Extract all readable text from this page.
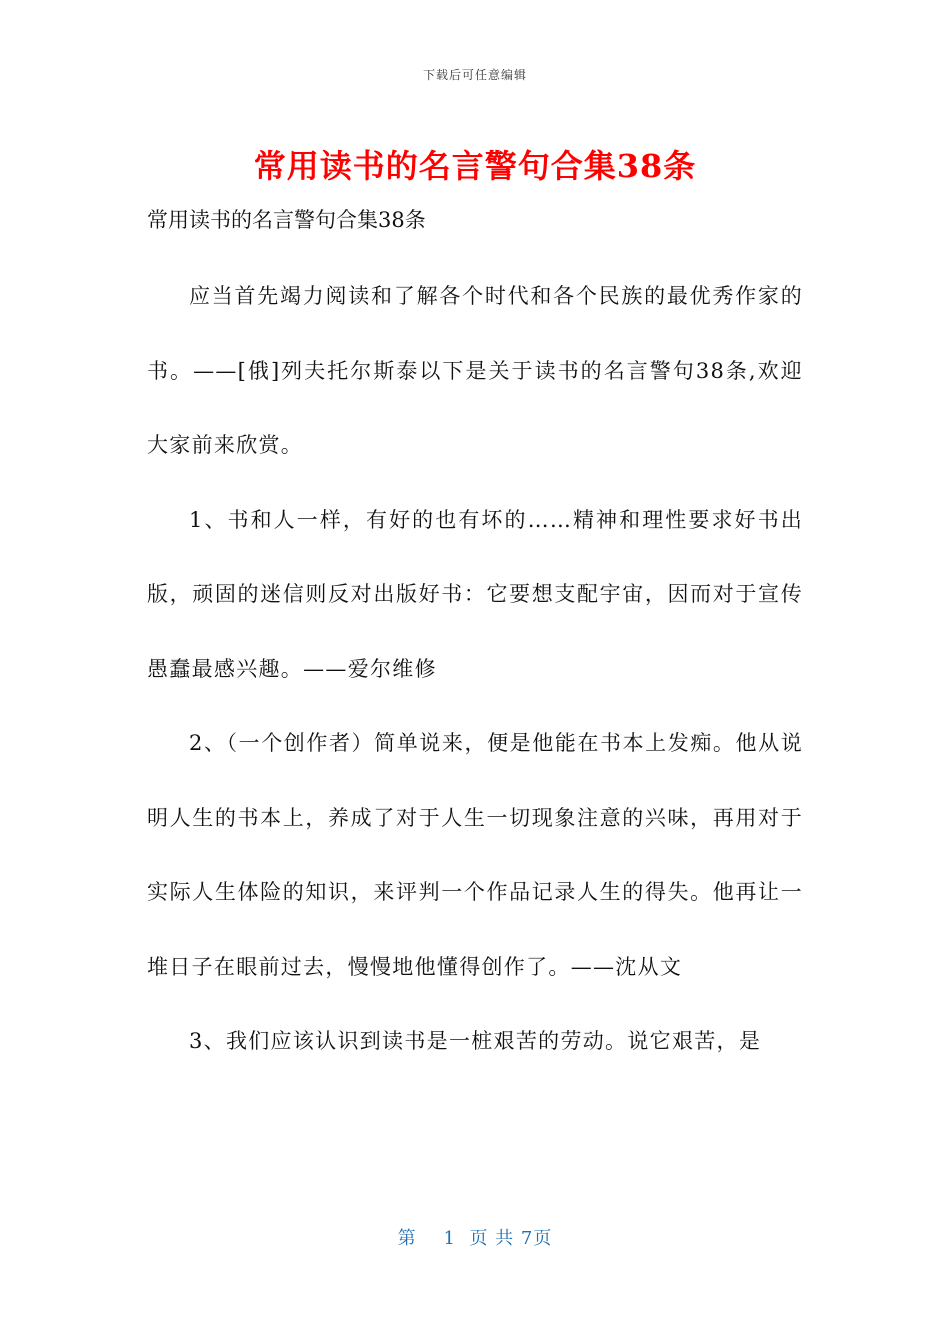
下载后可任意编辑
常用读书的名言警句合集38条
常用读书的名言警句合集38条

应当首先竭力阅读和了解各个时代和各个民族的最优秀作家的书。——[俄]列夫托尔斯泰以下是关于读书的名言警句38条,欢迎大家前来欣赏。

1、书和人一样，有好的也有坏的……精神和理性要求好书出版，顽固的迷信则反对出版好书：它要想支配宇宙，因而对于宣传愚蠢最感兴趣。——爱尔维修

2、（一个创作者）简单说来，便是他能在书本上发痴。他从说明人生的书本上，养成了对于人生一切现象注意的兴味，再用对于实际人生体险的知识，来评判一个作品记录人生的得失。他再让一堆日子在眼前过去，慢慢地他懂得创作了。——沈从文

3、我们应该认识到读书是一桩艰苦的劳动。说它艰苦，是

第 1 页 共 7页
